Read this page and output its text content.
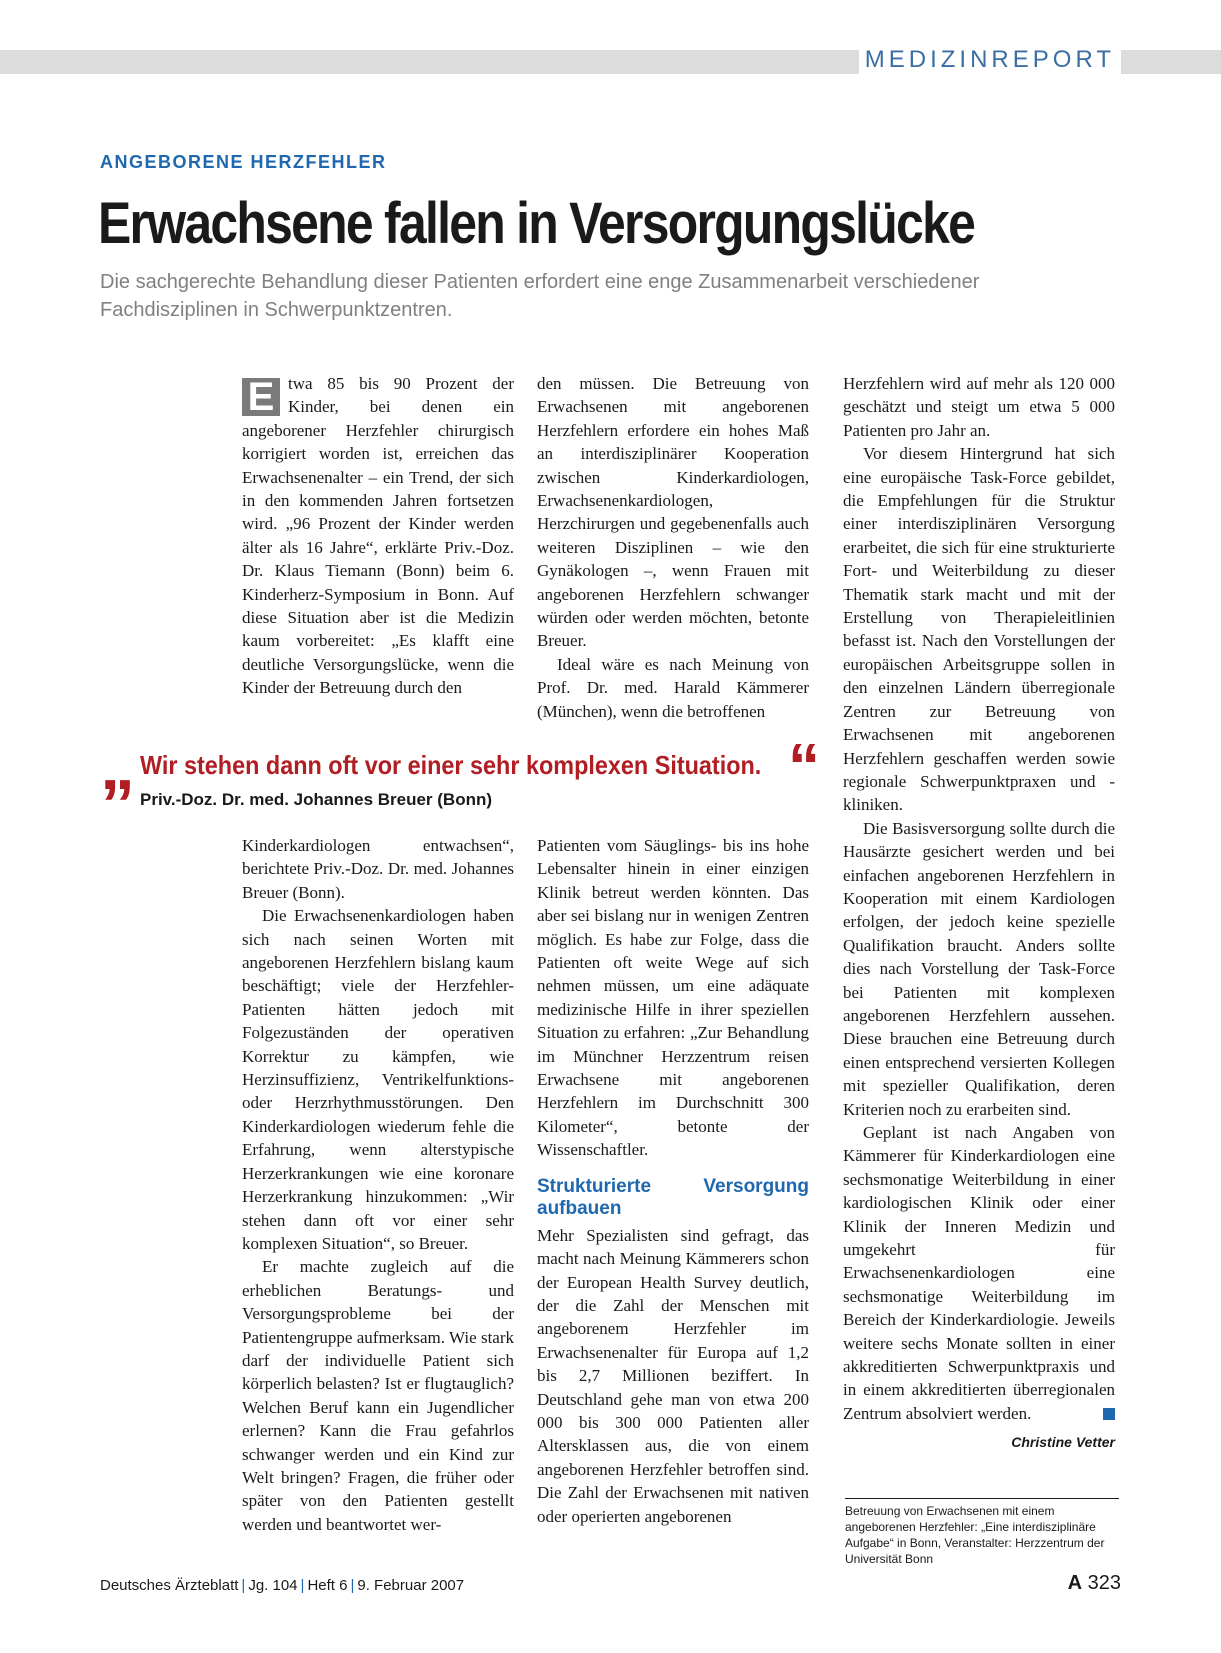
MEDIZINREPORT
ANGEBORENE HERZFEHLER
Erwachsene fallen in Versorgungslücke
Die sachgerechte Behandlung dieser Patienten erfordert eine enge Zusammenarbeit verschiedener Fachdisziplinen in Schwerpunktzentren.

E twa 85 bis 90 Prozent der Kinder, bei denen ein angeborener Herzfehler chirurgisch korrigiert worden ist, erreichen das Erwachsenenalter – ein Trend, der sich in den kommenden Jahren fortsetzen wird. „96 Prozent der Kinder werden älter als 16 Jahre“, erklärte Priv.-Doz. Dr. Klaus Tiemann (Bonn) beim 6. Kinderherz-Symposium in Bonn. Auf diese Situation aber ist die Medizin kaum vorbereitet: „Es klafft eine deutliche Versorgungslücke, wenn die Kinder der Betreuung durch den

den müssen. Die Betreuung von Erwachsenen mit angeborenen Herzfehlern erfordere ein hohes Maß an interdisziplinärer Kooperation zwischen Kinderkardiologen, Erwachsenenkardiologen, Herzchirurgen und gegebenenfalls auch weiteren Disziplinen – wie den Gynäkologen –, wenn Frauen mit angeborenen Herzfehlern schwanger würden oder werden möchten, betonte Breuer.

Ideal wäre es nach Meinung von Prof. Dr. med. Harald Kämmerer (München), wenn die betroffenen

„ Wir stehen dann oft vor einer sehr komplexen Situation. “
Priv.-Doz. Dr. med. Johannes Breuer (Bonn)

Kinderkardiologen entwachsen“, berichtete Priv.-Doz. Dr. med. Johannes Breuer (Bonn).

Die Erwachsenenkardiologen haben sich nach seinen Worten mit angeborenen Herzfehlern bislang kaum beschäftigt; viele der Herzfehler-Patienten hätten jedoch mit Folgezuständen der operativen Korrektur zu kämpfen, wie Herzinsuffizienz, Ventrikelfunktions- oder Herzrhythmusstörungen. Den Kinderkardiologen wiederum fehle die Erfahrung, wenn alterstypische Herzerkrankungen wie eine koronare Herzerkrankung hinzukommen: „Wir stehen dann oft vor einer sehr komplexen Situation“, so Breuer.

Er machte zugleich auf die erheblichen Beratungs- und Versorgungsprobleme bei der Patientengruppe aufmerksam. Wie stark darf der individuelle Patient sich körperlich belasten? Ist er flugtauglich? Welchen Beruf kann ein Jugendlicher erlernen? Kann die Frau gefahrlos schwanger werden und ein Kind zur Welt bringen? Fragen, die früher oder später von den Patienten gestellt werden und beantwortet wer-

Patienten vom Säuglings- bis ins hohe Lebensalter hinein in einer einzigen Klinik betreut werden könnten. Das aber sei bislang nur in wenigen Zentren möglich. Es habe zur Folge, dass die Patienten oft weite Wege auf sich nehmen müssen, um eine adäquate medizinische Hilfe in ihrer speziellen Situation zu erfahren: „Zur Behandlung im Münchner Herzzentrum reisen Erwachsene mit angeborenen Herzfehlern im Durchschnitt 300 Kilometer“, betonte der Wissenschaftler.

Strukturierte Versorgung aufbauen

Mehr Spezialisten sind gefragt, das macht nach Meinung Kämmerers schon der European Health Survey deutlich, der die Zahl der Menschen mit angeborenem Herzfehler im Erwachsenenalter für Europa auf 1,2 bis 2,7 Millionen beziffert. In Deutschland gehe man von etwa 200 000 bis 300 000 Patienten aller Altersklassen aus, die von einem angeborenen Herzfehler betroffen sind. Die Zahl der Erwachsenen mit nativen oder operierten angeborenen

Herzfehlern wird auf mehr als 120 000 geschätzt und steigt um etwa 5 000 Patienten pro Jahr an.

Vor diesem Hintergrund hat sich eine europäische Task-Force gebildet, die Empfehlungen für die Struktur einer interdisziplinären Versorgung erarbeitet, die sich für eine strukturierte Fort- und Weiterbildung zu dieser Thematik stark macht und mit der Erstellung von Therapieleitlinien befasst ist. Nach den Vorstellungen der europäischen Arbeitsgruppe sollen in den einzelnen Ländern überregionale Zentren zur Betreuung von Erwachsenen mit angeborenen Herzfehlern geschaffen werden sowie regionale Schwerpunktpraxen und -kliniken.

Die Basisversorgung sollte durch die Hausärzte gesichert werden und bei einfachen angeborenen Herzfehlern in Kooperation mit einem Kardiologen erfolgen, der jedoch keine spezielle Qualifikation braucht. Anders sollte dies nach Vorstellung der Task-Force bei Patienten mit komplexen angeborenen Herzfehlern aussehen. Diese brauchen eine Betreuung durch einen entsprechend versierten Kollegen mit spezieller Qualifikation, deren Kriterien noch zu erarbeiten sind.

Geplant ist nach Angaben von Kämmerer für Kinderkardiologen eine sechsmonatige Weiterbildung in einer kardiologischen Klinik oder einer Klinik der Inneren Medizin und umgekehrt für Erwachsenenkardiologen eine sechsmonatige Weiterbildung im Bereich der Kinderkardiologie. Jeweils weitere sechs Monate sollten in einer akkreditierten Schwerpunktpraxis und in einem akkreditierten überregionalen Zentrum absolviert werden.

Christine Vetter
Betreuung von Erwachsenen mit einem angeborenen Herzfehler: „Eine interdisziplinäre Aufgabe“ in Bonn, Veranstalter: Herzzentrum der Universität Bonn
Deutsches Ärzteblatt | Jg. 104 | Heft 6 | 9. Februar 2007	A 323
